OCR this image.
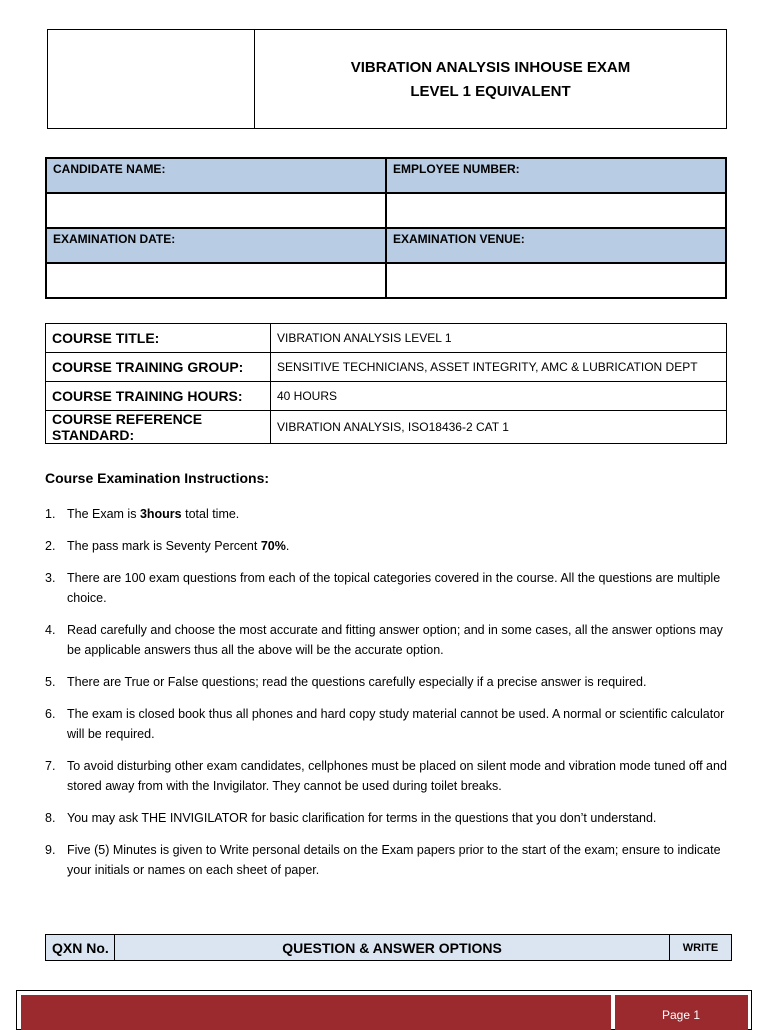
VIBRATION ANALYSIS INHOUSE EXAM
LEVEL 1 EQUIVALENT
CANDIDATE NAME:	EMPLOYEE NUMBER:

EXAMINATION DATE:	EXAMINATION VENUE:

COURSE TITLE:	VIBRATION ANALYSIS LEVEL 1
COURSE TRAINING GROUP:	SENSITIVE TECHNICIANS, ASSET INTEGRITY, AMC & LUBRICATION DEPT
COURSE TRAINING HOURS:	40 HOURS
COURSE REFERENCE STANDARD:	VIBRATION ANALYSIS, ISO18436-2 CAT 1
Course Examination Instructions:
1. The Exam is 3hours total time.
2. The pass mark is Seventy Percent 70%.
3. There are 100 exam questions from each of the topical categories covered in the course. All the questions are multiple choice.
4. Read carefully and choose the most accurate and fitting answer option; and in some cases, all the answer options may be applicable answers thus all the above will be the accurate option.
5. There are True or False questions; read the questions carefully especially if a precise answer is required.
6. The exam is closed book thus all phones and hard copy study material cannot be used. A normal or scientific calculator will be required.
7. To avoid disturbing other exam candidates, cellphones must be placed on silent mode and vibration mode tuned off and stored away from with the Invigilator. They cannot be used during toilet breaks.
8. You may ask THE INVIGILATOR for basic clarification for terms in the questions that you don’t understand.
9. Five (5) Minutes is given to Write personal details on the Exam papers prior to the start of the exam; ensure to indicate your initials or names on each sheet of paper.
QXN No.	QUESTION & ANSWER OPTIONS	WRITE
Page 1
